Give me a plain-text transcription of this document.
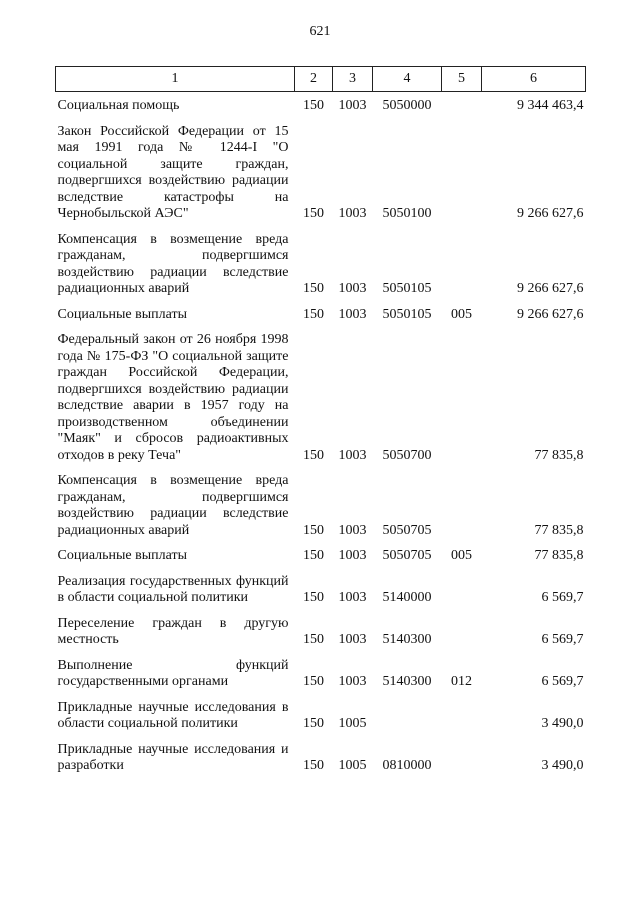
621
1	2	3	4	5	6

Социальная помощь	150	1003	5050000		9 344 463,4

Закон Российской Федерации от 15 мая 1991 года № 1244-I "О социальной защите граждан, подвергшихся воздействию радиации вследствие катастрофы на Чернобыльской АЭС"	150	1003	5050100		9 266 627,6

Компенсация в возмещение вреда гражданам, подвергшимся воздействию радиации вследствие радиационных аварий	150	1003	5050105		9 266 627,6

Социальные выплаты	150	1003	5050105	005	9 266 627,6

Федеральный закон от 26 ноября 1998 года № 175-ФЗ "О социальной защите граждан Российской Федерации, подвергшихся воздействию радиации вследствие аварии в 1957 году на производственном объединении "Маяк" и сбросов радиоактивных отходов в реку Теча"	150	1003	5050700		77 835,8

Компенсация в возмещение вреда гражданам, подвергшимся воздействию радиации вследствие радиационных аварий	150	1003	5050705		77 835,8

Социальные выплаты	150	1003	5050705	005	77 835,8

Реализация государственных функций в области социальной политики	150	1003	5140000		6 569,7

Переселение граждан в другую местность	150	1003	5140300		6 569,7

Выполнение функций государственными органами	150	1003	5140300	012	6 569,7

Прикладные научные исследования в области социальной политики	150	1005			3 490,0

Прикладные научные исследования и разработки	150	1005	0810000		3 490,0
